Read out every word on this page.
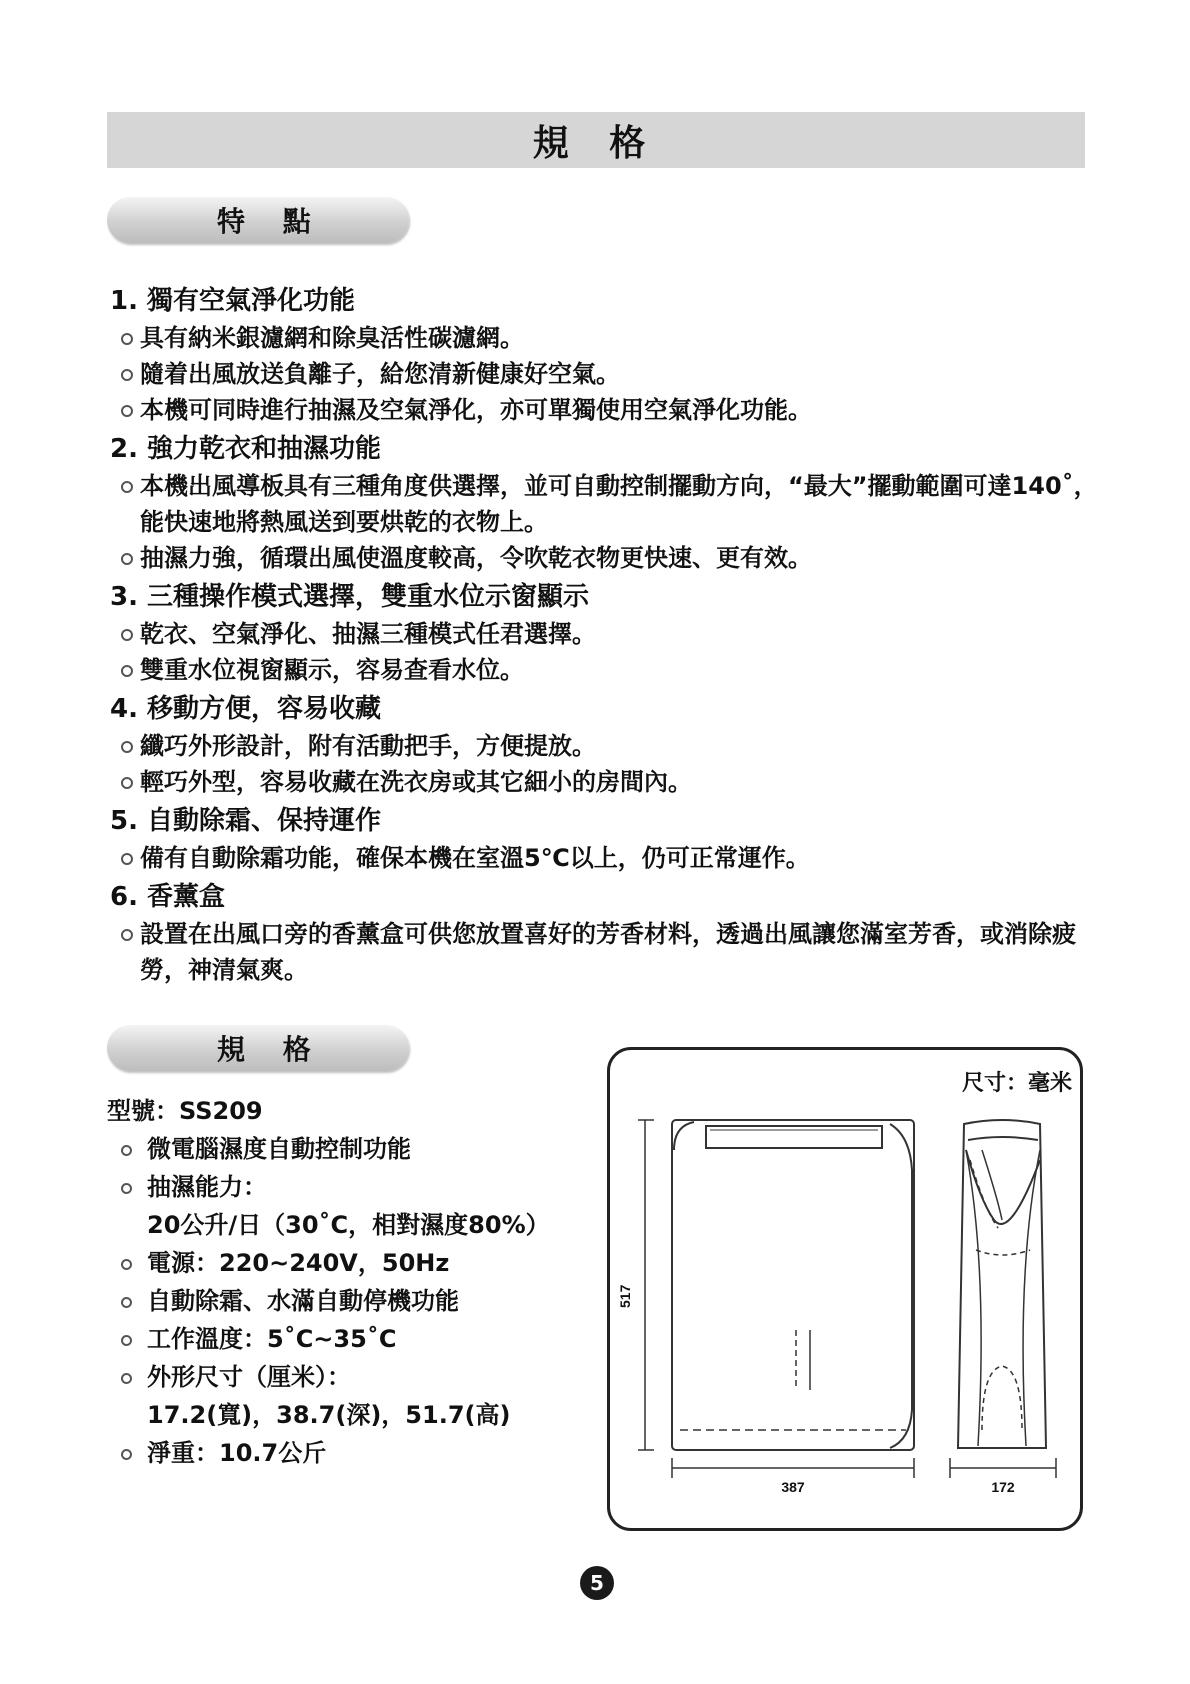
規 格
特 點
1. 獨有空氣淨化功能
具有納米銀濾網和除臭活性碳濾網。
隨着出風放送負離子，給您清新健康好空氣。
本機可同時進行抽濕及空氣淨化，亦可單獨使用空氣淨化功能。
2. 強力乾衣和抽濕功能
本機出風導板具有三種角度供選擇，並可自動控制擺動方向，“最大”擺動範圍可達140˚，能快速地將熱風送到要烘乾的衣物上。
抽濕力強，循環出風使溫度較高，令吹乾衣物更快速、更有效。
3. 三種操作模式選擇，雙重水位示窗顯示
乾衣、空氣淨化、抽濕三種模式任君選擇。
雙重水位視窗顯示，容易查看水位。
4. 移動方便，容易收藏
纖巧外形設計，附有活動把手，方便提放。
輕巧外型，容易收藏在洗衣房或其它細小的房間內。
5. 自動除霜、保持運作
備有自動除霜功能，確保本機在室溫5℃以上，仍可正常運作。
6. 香薰盒
設置在出風口旁的香薰盒可供您放置喜好的芳香材料，透過出風讓您滿室芳香，或消除疲勞，神清氣爽。
規 格
型號：SS209
微電腦濕度自動控制功能
抽濕能力：
20公升/日（30˚C，相對濕度80%）
電源：220~240V，50Hz
自動除霜、水滿自動停機功能
工作溫度：5˚C~35˚C
外形尺寸（厘米）：
17.2(寬)，38.7(深)，51.7(高)
淨重：10.7公斤
尺寸：毫米
517
387	172
5
